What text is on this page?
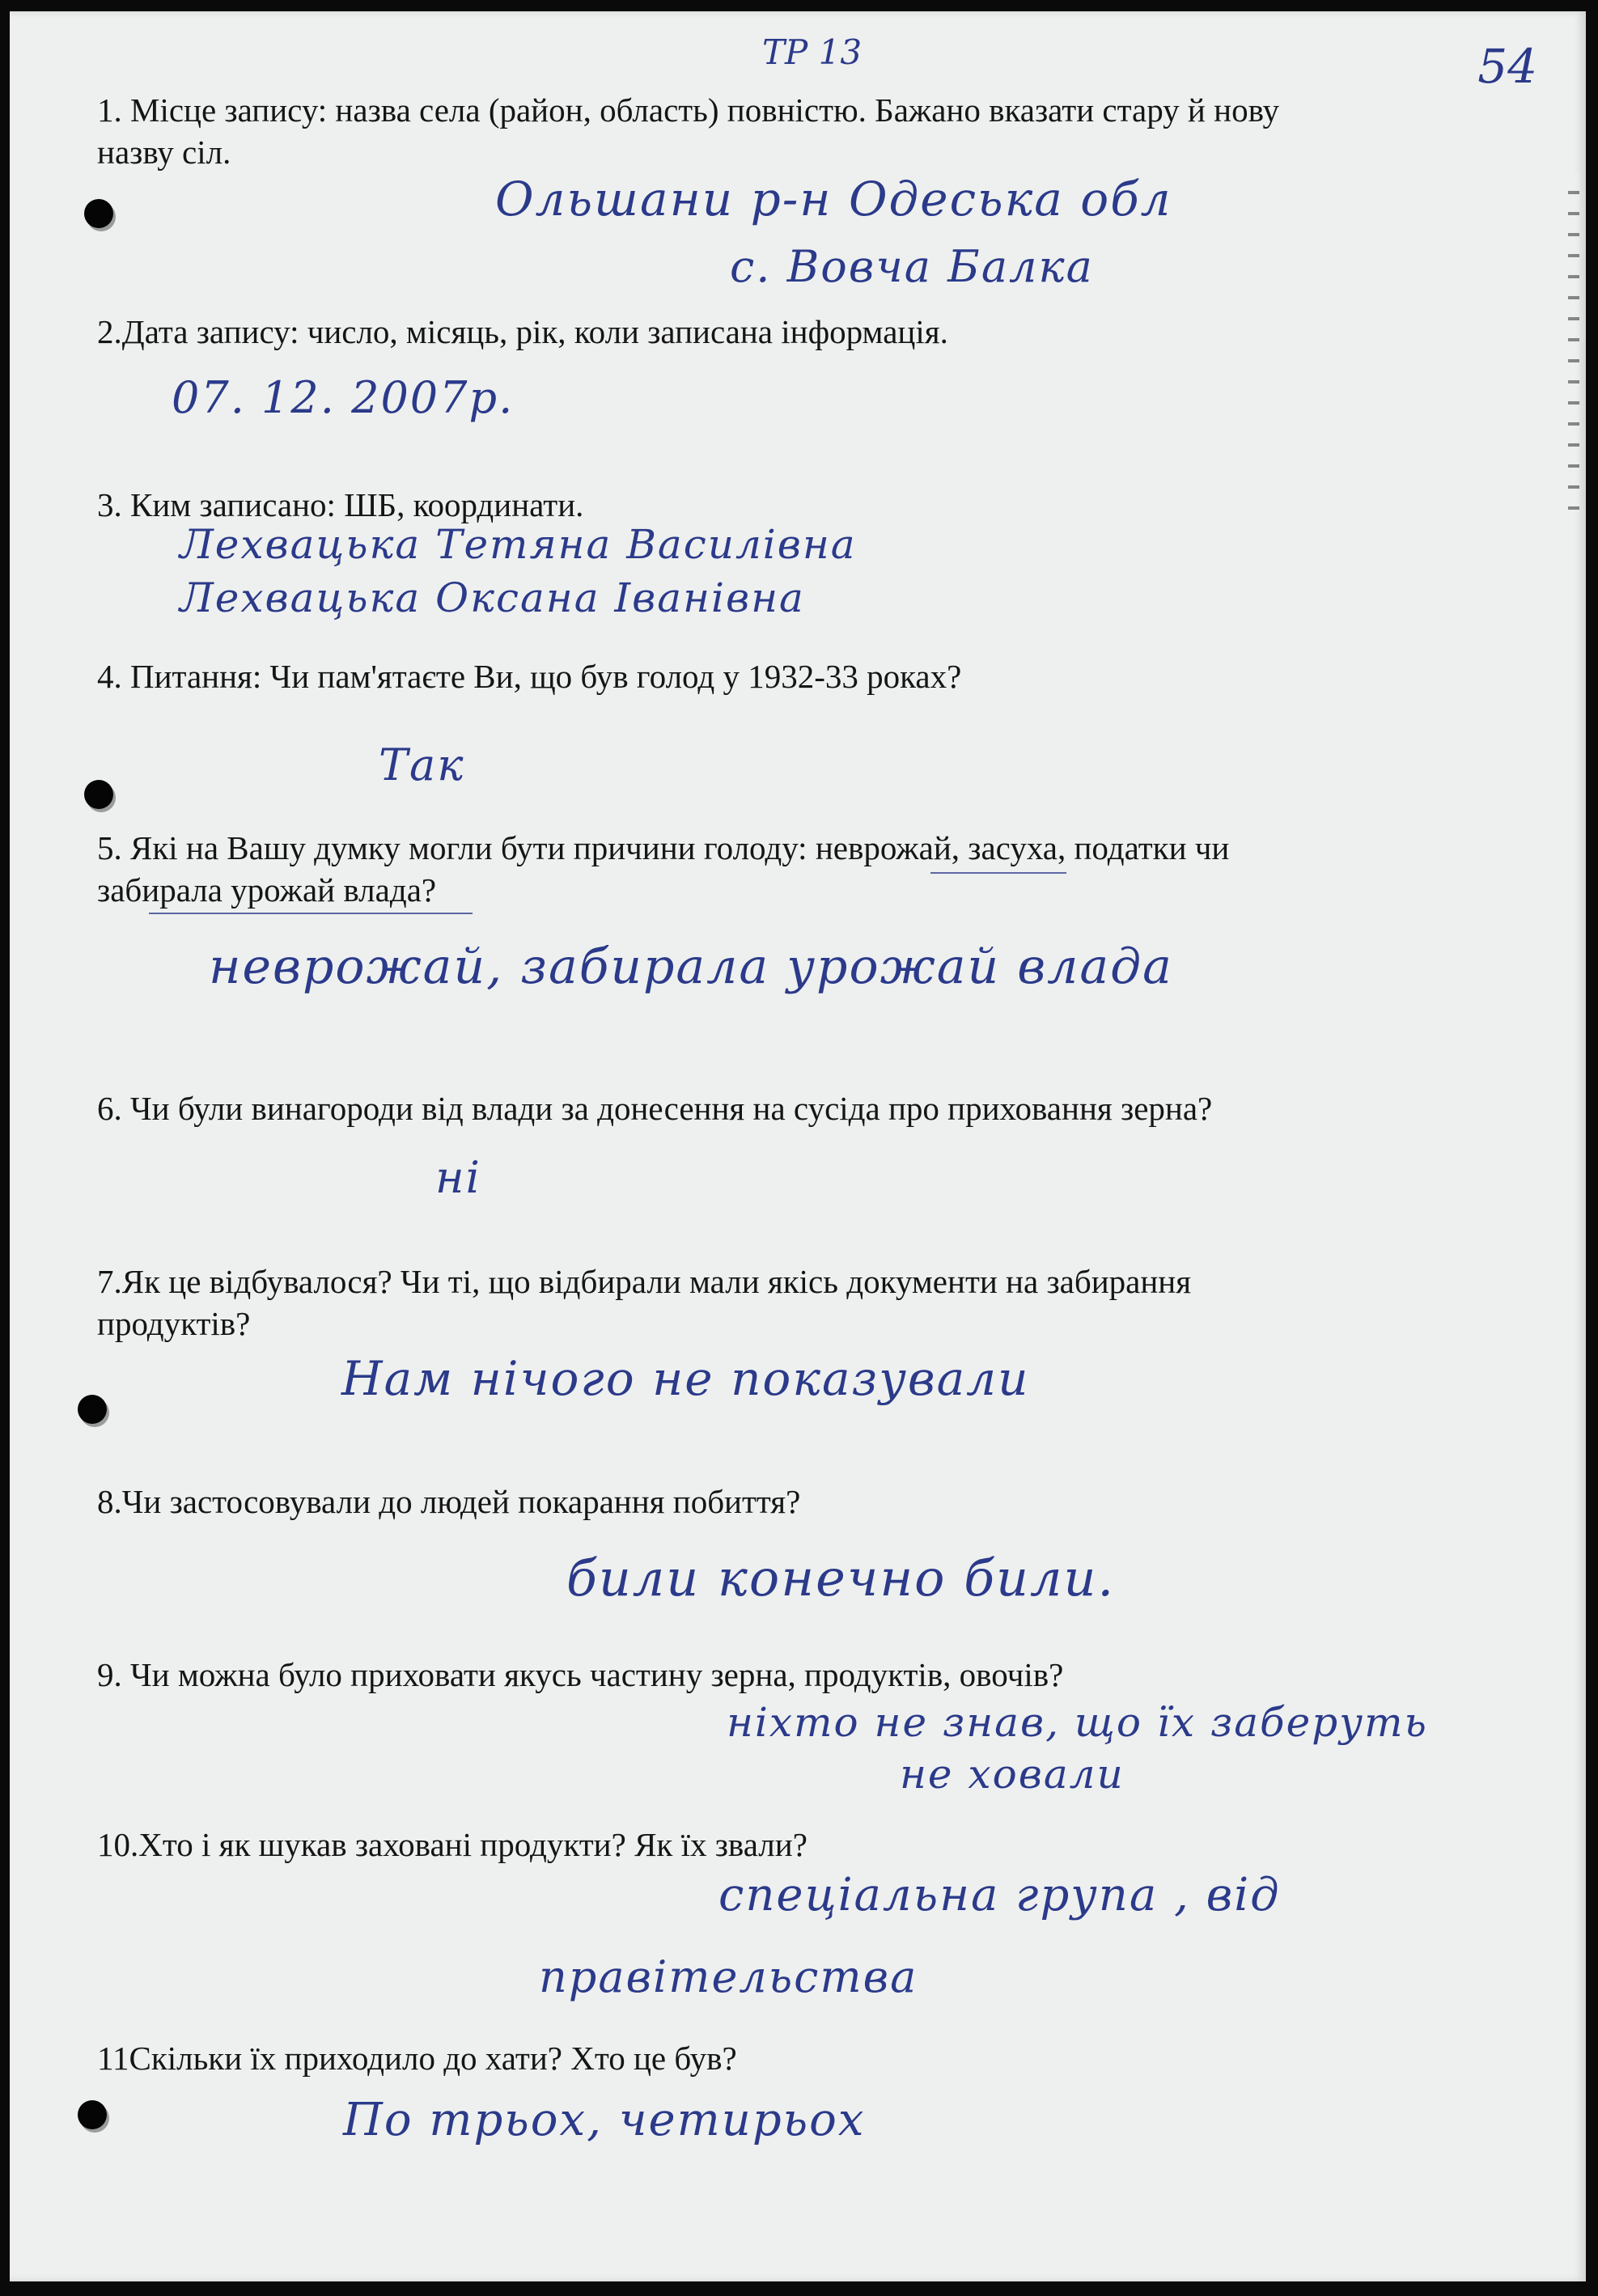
ТР 13	54
1. Місце запису: назва села (район, область) повністю. Бажано вказати стару й нову
назву сіл.
Ольшани р-н Одеська обл
с. Вовча Балка
2.Дата запису: число, місяць, рік, коли записана інформація.
07. 12. 2007р.
3. Ким записано: ШБ, координати.
Лехвацька Тетяна Василівна
Лехвацька Оксана Іванівна
4. Питання: Чи пам'ятаєте Ви, що був голод у 1932-33 роках?
Так
5. Які на Вашу думку могли бути причини голоду: неврожай, засуха, податки чи
забирала урожай влада?
неврожай, забирала урожай влада
6. Чи були винагороди від влади за донесення на сусіда про приховання зерна?
ні
7.Як це відбувалося? Чи ті, що відбирали мали якісь документи на забирання
продуктів?
Нам нічого не показували
8.Чи застосовували до людей покарання побиття?
били конечно били.
9. Чи можна було приховати якусь частину зерна, продуктів, овочів?
ніхто не знав, що їх заберуть
не ховали
10.Хто і як шукав заховані продукти? Як їх звали?
спеціальна група , від
правітельства
11Скільки їх приходило до хати? Хто це був?
По трьох, четирьох
